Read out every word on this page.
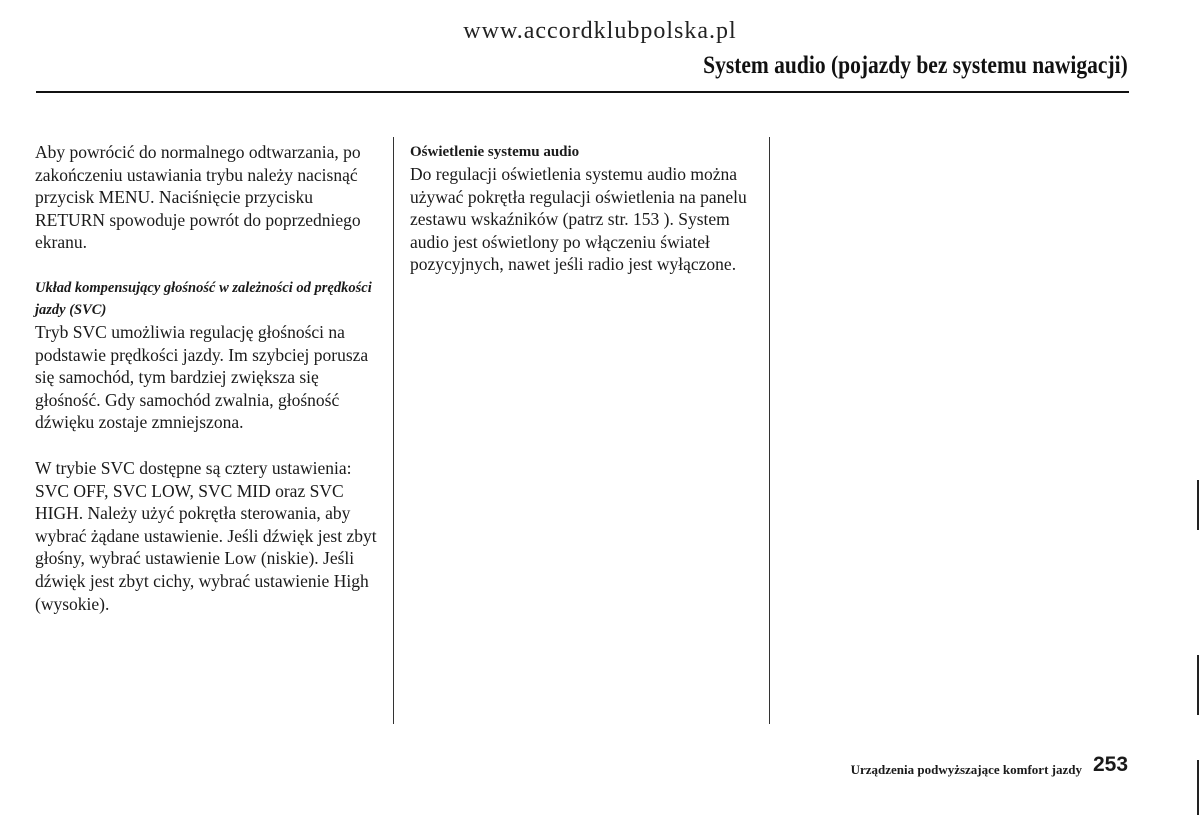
www.accordklubpolska.pl
System audio (pojazdy bez systemu nawigacji)

Aby powrócić do normalnego odtwarzania, po zakończeniu ustawiania trybu należy nacisnąć przycisk MENU. Naciśnięcie przycisku RETURN spowoduje powrót do poprzedniego ekranu.

Układ kompensujący głośność w zależności od prędkości jazdy (SVC)

Tryb SVC umożliwia regulację głośności na podstawie prędkości jazdy. Im szybciej porusza się samochód, tym bardziej zwiększa się głośność. Gdy samochód zwalnia, głośność dźwięku zostaje zmniejszona.

W trybie SVC dostępne są cztery ustawienia: SVC OFF, SVC LOW, SVC MID oraz SVC HIGH. Należy użyć pokrętła sterowania, aby wybrać żądane ustawienie. Jeśli dźwięk jest zbyt głośny, wybrać ustawienie Low (niskie). Jeśli dźwięk jest zbyt cichy, wybrać ustawienie High (wysokie).

Oświetlenie systemu audio

Do regulacji oświetlenia systemu audio można używać pokrętła regulacji oświetlenia na panelu zestawu wskaźników (patrz str. 153 ). System audio jest oświetlony po włączeniu świateł pozycyjnych, nawet jeśli radio jest wyłączone.

Urządzenia podwyższające komfort jazdy 253
